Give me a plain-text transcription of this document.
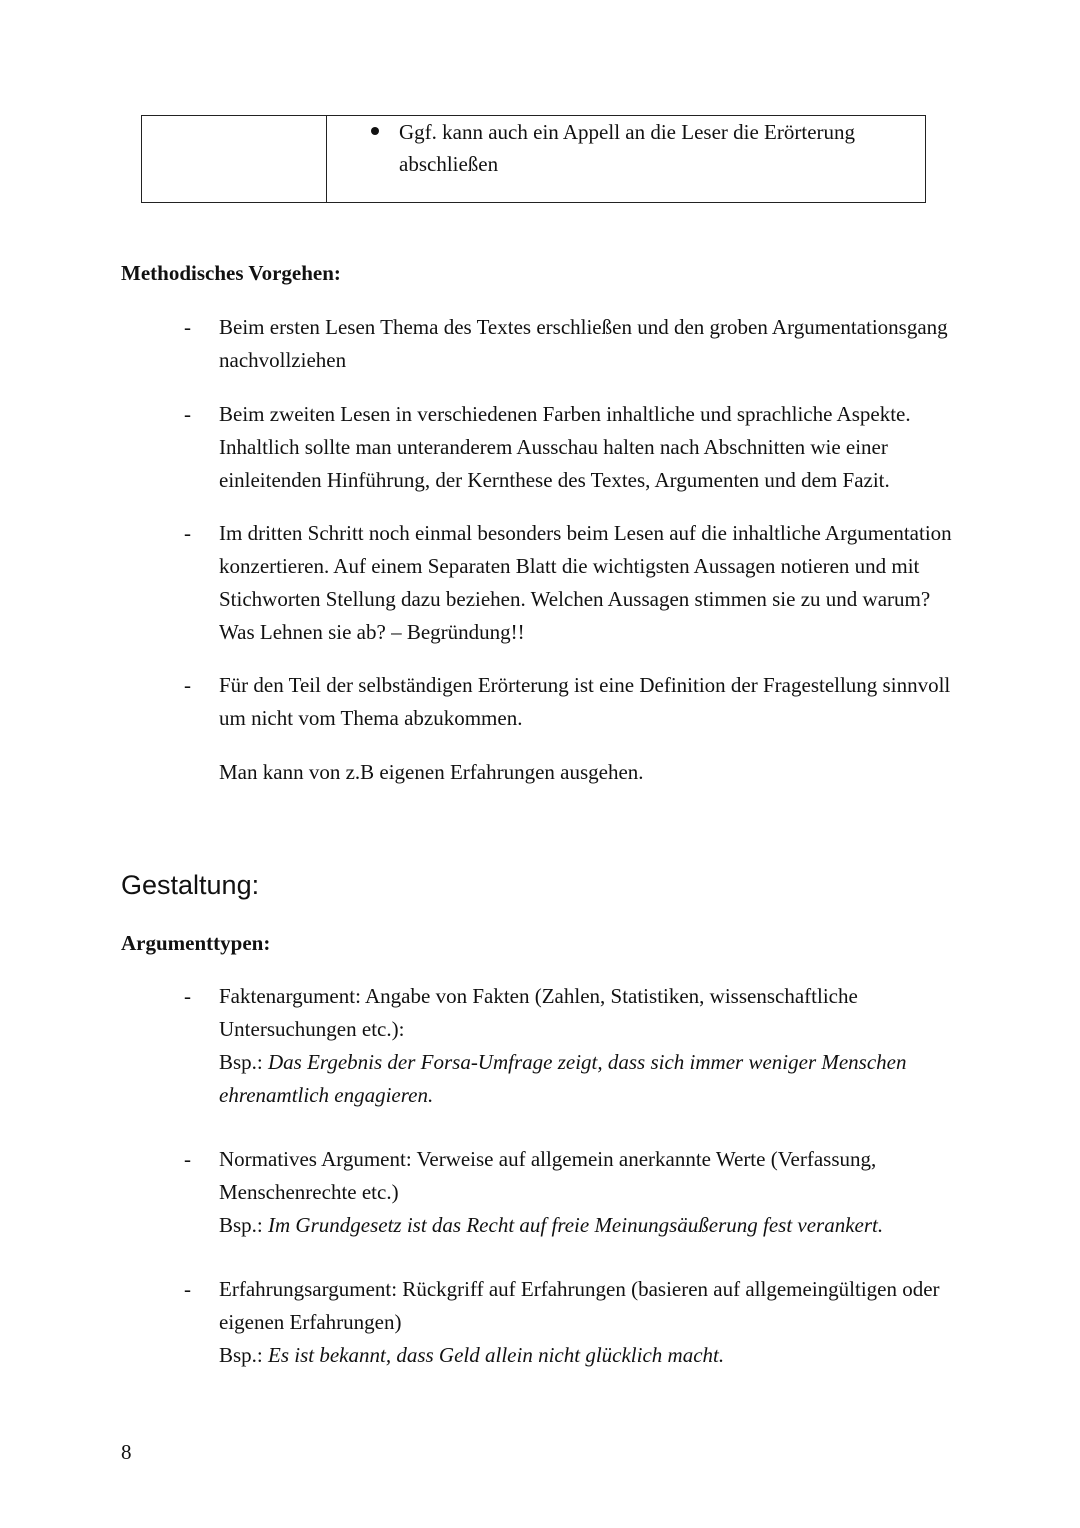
Ggf. kann auch ein Appell an die Leser die Erörterung abschließen
Methodisches Vorgehen:
-	Beim ersten Lesen Thema des Textes erschließen und den groben Argumentationsgang nachvollziehen
-	Beim zweiten Lesen in verschiedenen Farben inhaltliche und sprachliche Aspekte. Inhaltlich sollte man unteranderem Ausschau halten nach Abschnitten wie einer einleitenden Hinführung, der Kernthese des Textes, Argumenten und dem Fazit.
-	Im dritten Schritt noch einmal besonders beim Lesen auf die inhaltliche Argumentation konzertieren. Auf einem Separaten Blatt die wichtigsten Aussagen notieren und mit Stichworten Stellung dazu beziehen. Welchen Aussagen stimmen sie zu und warum? Was Lehnen sie ab? – Begründung!!
-	Für den Teil der selbständigen Erörterung ist eine Definition der Fragestellung sinnvoll um nicht vom Thema abzukommen.
Man kann von z.B eigenen Erfahrungen ausgehen.
Gestaltung:
Argumenttypen:
-	Faktenargument: Angabe von Fakten (Zahlen, Statistiken, wissenschaftliche Untersuchungen etc.):
Bsp.: Das Ergebnis der Forsa-Umfrage zeigt, dass sich immer weniger Menschen ehrenamtlich engagieren.
-	Normatives Argument: Verweise auf allgemein anerkannte Werte (Verfassung, Menschenrechte etc.)
Bsp.: Im Grundgesetz ist das Recht auf freie Meinungsäußerung fest verankert.
-	Erfahrungsargument: Rückgriff auf Erfahrungen (basieren auf allgemeingültigen oder eigenen Erfahrungen)
Bsp.: Es ist bekannt, dass Geld allein nicht glücklich macht.
8
